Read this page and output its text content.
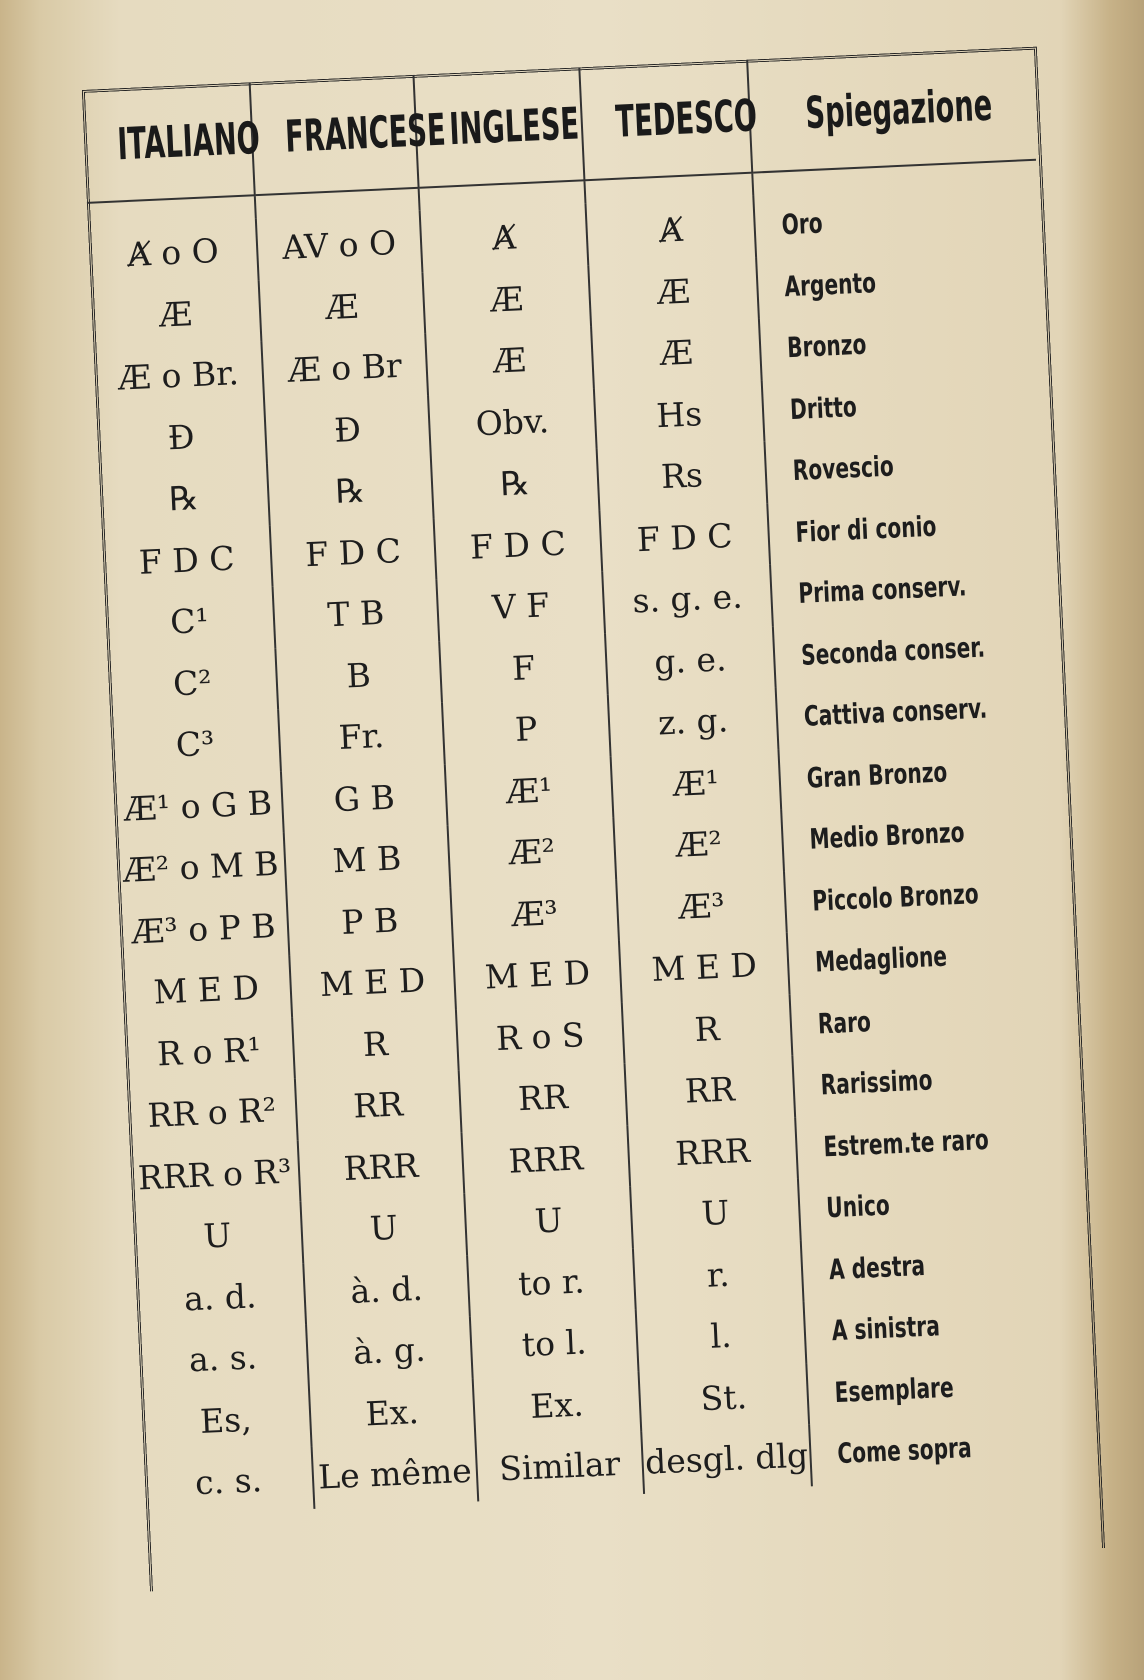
ITALIANO	FRANCESE	INGLESE	TEDESCO	Spiegazione

Ⱥ o O	AV o O	Ⱥ	Ⱥ	Oro
Æ	Æ	Æ	Æ	Argento
Æ o Br.	Æ o Br	Æ	Æ	Bronzo
Đ	Đ	Obv.	Hs	Dritto
℞	℞	℞	Rs	Rovescio
F D C	F D C	F D C	F D C	Fior di conio
C¹	T B	V F	s. g. e.	Prima conserv.
C²	B	F	g. e.	Seconda conser.
C³	Fr.	P	z. g.	Cattiva conserv.
Æ¹ o G B	G B	Æ¹	Æ¹	Gran Bronzo
Æ² o M B	M B	Æ²	Æ²	Medio Bronzo
Æ³ o P B	P B	Æ³	Æ³	Piccolo Bronzo
M E D	M E D	M E D	M E D	Medaglione
R o R¹	R	R o S	R	Raro
RR o R²	RR	RR	RR	Rarissimo
RRR o R³	RRR	RRR	RRR	Estrem.te raro
U	U	U	U	Unico
a. d.	à. d.	to r.	r.	A destra
a. s.	à. g.	to l.	l.	A sinistra
Es,	Ex.	Ex.	St.	Esemplare
c. s.	Le même	Similar	desgl. dlg	Come sopra
